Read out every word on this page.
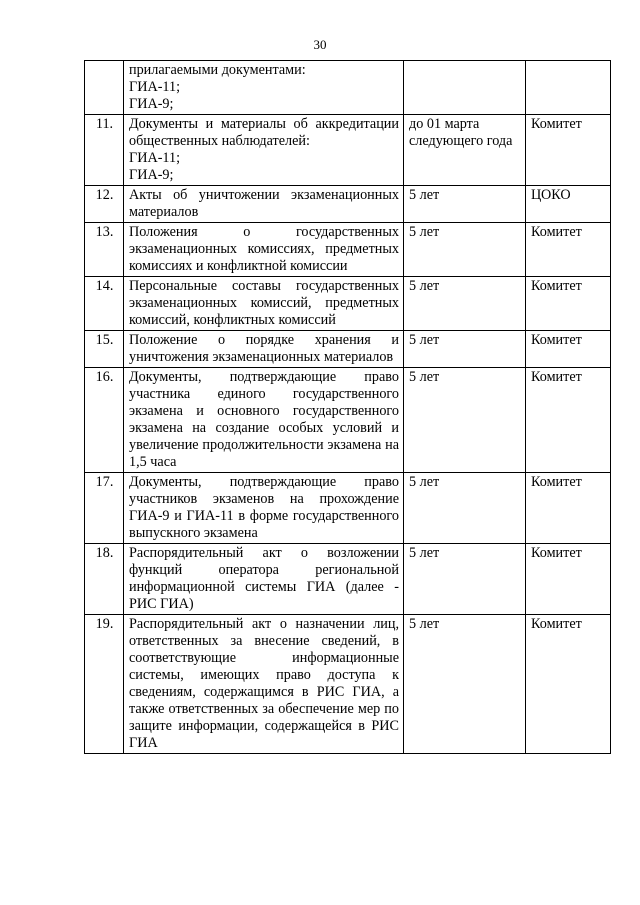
30

	прилагаемыми документами:
ГИА-11;
ГИА-9;		

11.	Документы и материалы об аккредитации общественных наблюдателей:
ГИА-11;
ГИА-9;	до 01 марта следующего года	Комитет
12.	Акты об уничтожении экзаменационных материалов	5 лет	ЦОКО
13.	Положения о государственных экзаменационных комиссиях, предметных комиссиях и конфликтной комиссии	5 лет	Комитет
14.	Персональные составы государственных экзаменационных комиссий, предметных комиссий, конфликтных комиссий	5 лет	Комитет
15.	Положение о порядке хранения и уничтожения экзаменационных материалов	5 лет	Комитет
16.	Документы, подтверждающие право участника единого государственного экзамена и основного государственного экзамена на создание особых условий и увеличение продолжительности экзамена на 1,5 часа	5 лет	Комитет
17.	Документы, подтверждающие право участников экзаменов на прохождение ГИА-9 и ГИА-11 в форме государственного выпускного экзамена	5 лет	Комитет
18.	Распорядительный акт о возложении функций оператора региональной информационной системы ГИА (далее - РИС ГИА)	5 лет	Комитет
19.	Распорядительный акт о назначении лиц, ответственных за внесение сведений, в соответствующие информационные системы, имеющих право доступа к сведениям, содержащимся в РИС ГИА, а также ответственных за обеспечение мер по защите информации, содержащейся в РИС ГИА	5 лет	Комитет
